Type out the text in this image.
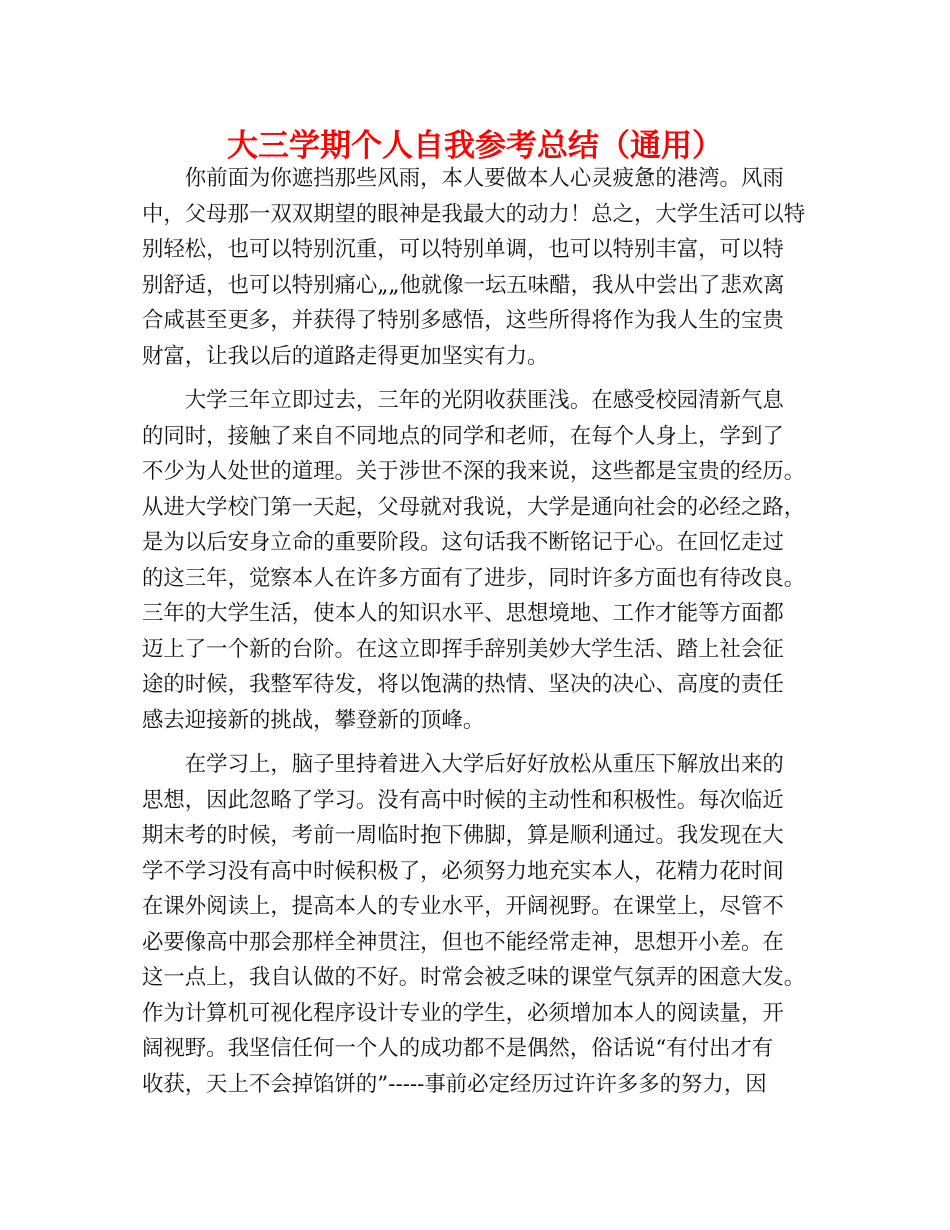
大三学期个人自我参考总结（通用）
　　你前面为你遮挡那些风雨，本人要做本人心灵疲惫的港湾。风雨
中，父母那一双双期望的眼神是我最大的动力！总之，大学生活可以特
别轻松，也可以特别沉重，可以特别单调，也可以特别丰富，可以特
别舒适，也可以特别痛心„„他就像一坛五味醋，我从中尝出了悲欢离
合咸甚至更多，并获得了特别多感悟，这些所得将作为我人生的宝贵
财富，让我以后的道路走得更加坚实有力。
　　大学三年立即过去，三年的光阴收获匪浅。在感受校园清新气息
的同时，接触了来自不同地点的同学和老师，在每个人身上，学到了
不少为人处世的道理。关于涉世不深的我来说，这些都是宝贵的经历。
从进大学校门第一天起，父母就对我说，大学是通向社会的必经之路，
是为以后安身立命的重要阶段。这句话我不断铭记于心。在回忆走过
的这三年，觉察本人在许多方面有了进步，同时许多方面也有待改良。
三年的大学生活，使本人的知识水平、思想境地、工作才能等方面都
迈上了一个新的台阶。在这立即挥手辞别美妙大学生活、踏上社会征
途的时候，我整军待发，将以饱满的热情、坚决的决心、高度的责任
感去迎接新的挑战，攀登新的顶峰。
　　在学习上，脑子里持着进入大学后好好放松从重压下解放出来的
思想，因此忽略了学习。没有高中时候的主动性和积极性。每次临近
期末考的时候，考前一周临时抱下佛脚，算是顺利通过。我发现在大
学不学习没有高中时候积极了，必须努力地充实本人，花精力花时间
在课外阅读上，提高本人的专业水平，开阔视野。在课堂上，尽管不
必要像高中那会那样全神贯注，但也不能经常走神，思想开小差。在
这一点上，我自认做的不好。时常会被乏味的课堂气氛弄的困意大发。
作为计算机可视化程序设计专业的学生，必须增加本人的阅读量，开
阔视野。我坚信任何一个人的成功都不是偶然，俗话说“有付出才有
收获，天上不会掉馅饼的”-----事前必定经历过许许多多的努力，因
